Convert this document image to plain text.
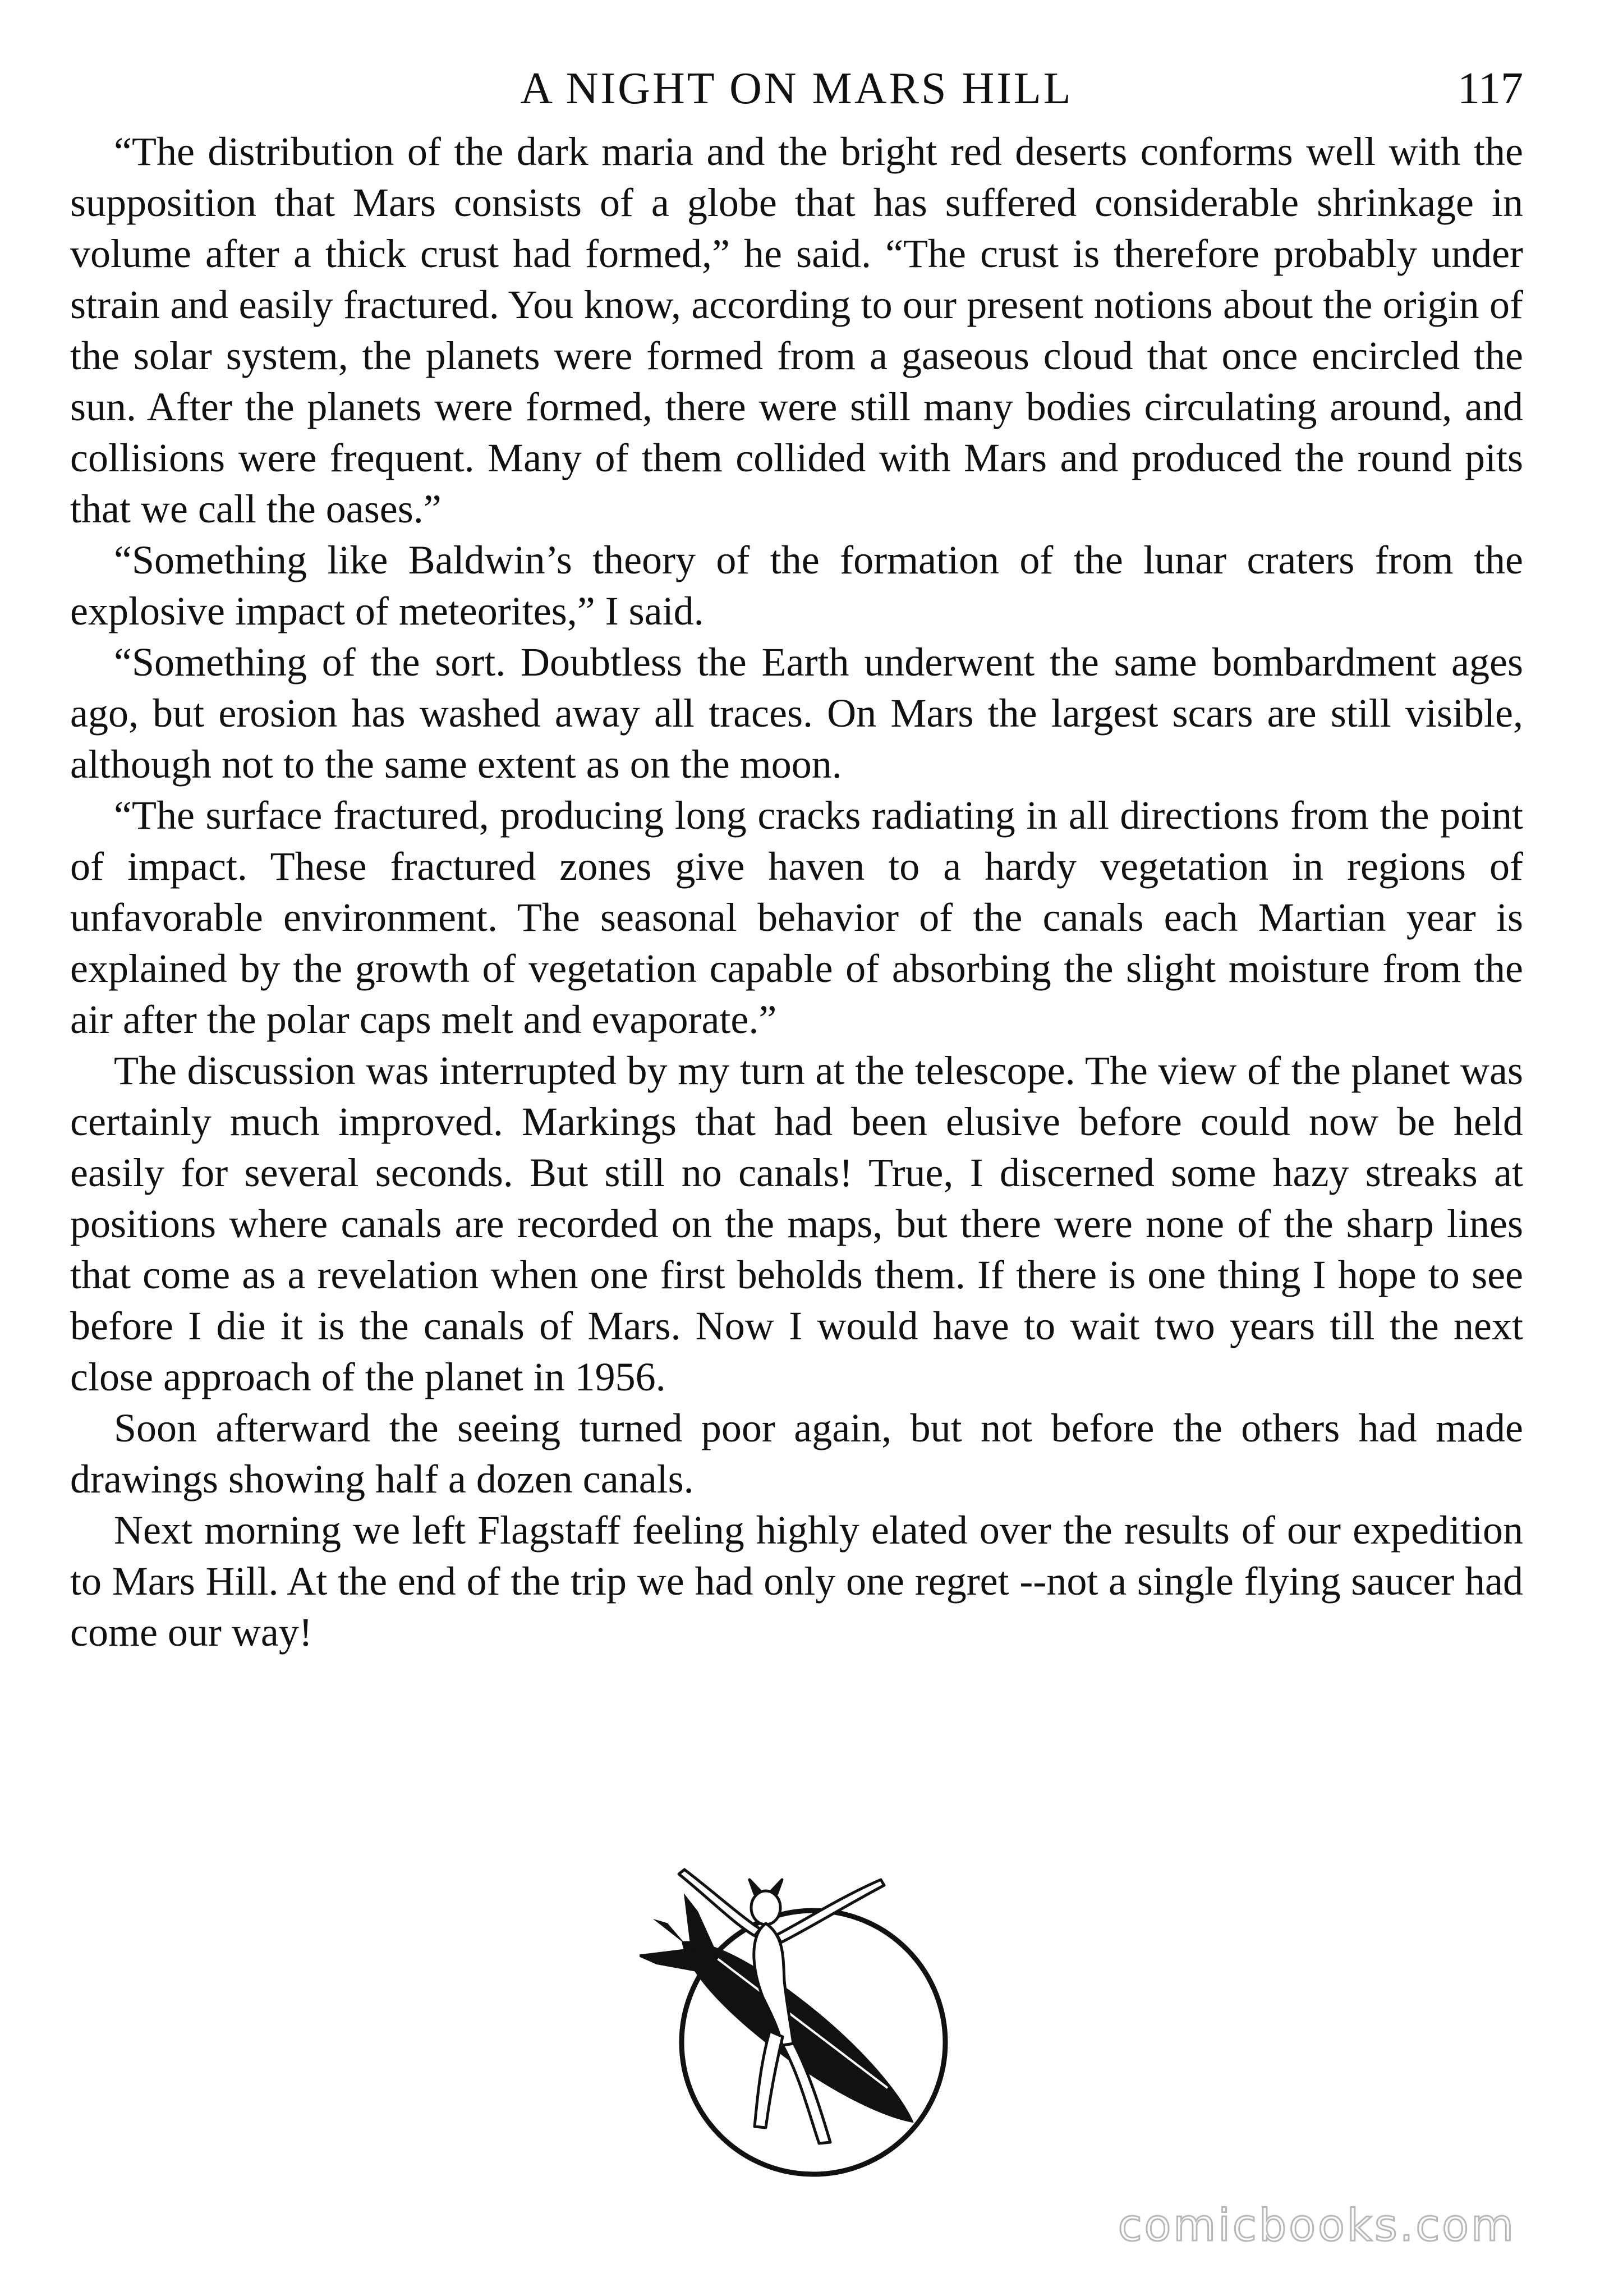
A NIGHT ON MARS HILL	117

“The distribution of the dark maria and the bright red deserts conforms well with the supposition that Mars consists of a globe that has suffered considerable shrinkage in volume after a thick crust had formed,” he said. “The crust is therefore probably under strain and easily fractured. You know, according to our present notions about the origin of the solar system, the planets were formed from a gaseous cloud that once encircled the sun. After the planets were formed, there were still many bodies circulating around, and collisions were frequent. Many of them collided with Mars and produced the round pits that we call the oases.”

“Something like Baldwin’s theory of the formation of the lunar craters from the explosive impact of meteorites,” I said.

“Something of the sort. Doubtless the Earth underwent the same bombardment ages ago, but erosion has washed away all traces. On Mars the largest scars are still visible, although not to the same extent as on the moon.

“The surface fractured, producing long cracks radiating in all directions from the point of impact. These fractured zones give haven to a hardy vegetation in regions of unfavorable environment. The seasonal behavior of the canals each Martian year is explained by the growth of vegetation capable of absorbing the slight moisture from the air after the polar caps melt and evaporate.”

The discussion was interrupted by my turn at the telescope. The view of the planet was certainly much improved. Markings that had been elusive before could now be held easily for several seconds. But still no canals! True, I discerned some hazy streaks at positions where canals are recorded on the maps, but there were none of the sharp lines that come as a revelation when one first beholds them. If there is one thing I hope to see before I die it is the canals of Mars. Now I would have to wait two years till the next close approach of the planet in 1956.

Soon afterward the seeing turned poor again, but not before the others had made drawings showing half a dozen canals.

Next morning we left Flagstaff feeling highly elated over the results of our expedition to Mars Hill. At the end of the trip we had only one regret --not a single flying saucer had come our way!

comicbooks.com
